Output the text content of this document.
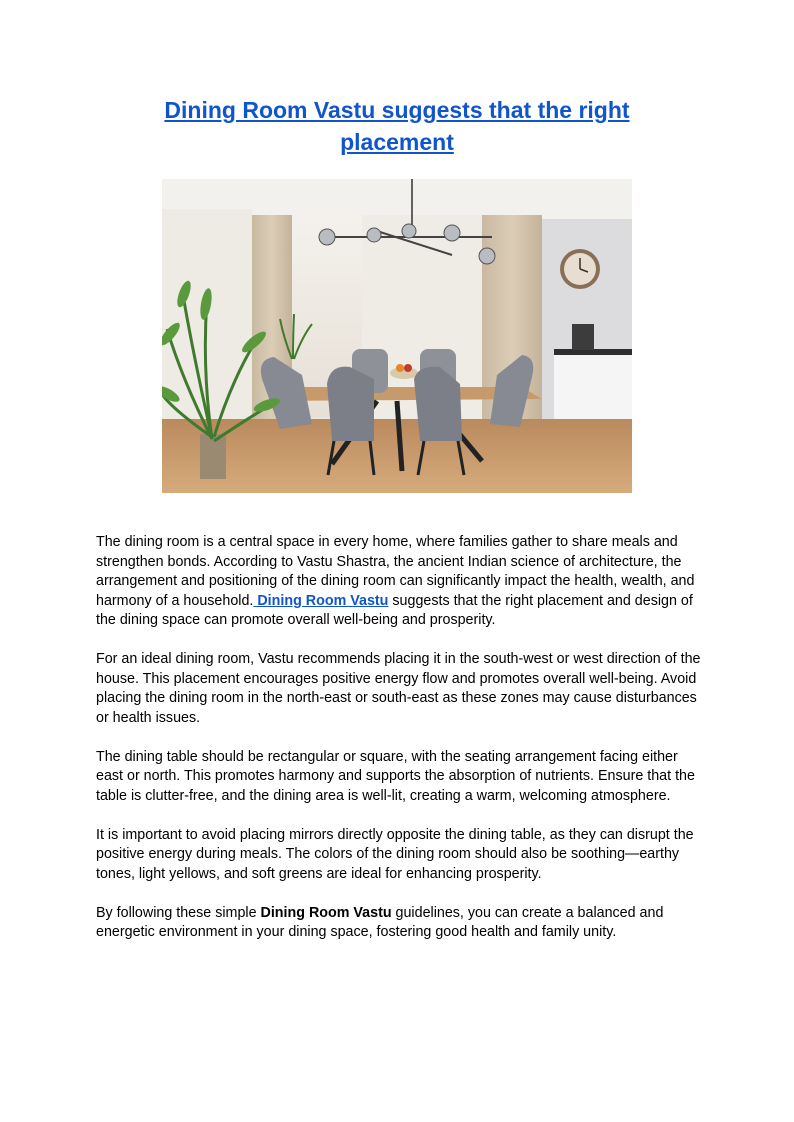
Dining Room Vastu suggests that the right placement

The dining room is a central space in every home, where families gather to share meals and strengthen bonds. According to Vastu Shastra, the ancient Indian science of architecture, the arrangement and positioning of the dining room can significantly impact the health, wealth, and harmony of a household. Dining Room Vastu suggests that the right placement and design of the dining space can promote overall well-being and prosperity.

For an ideal dining room, Vastu recommends placing it in the south-west or west direction of the house. This placement encourages positive energy flow and promotes overall well-being. Avoid placing the dining room in the north-east or south-east as these zones may cause disturbances or health issues.

The dining table should be rectangular or square, with the seating arrangement facing either east or north. This promotes harmony and supports the absorption of nutrients. Ensure that the table is clutter-free, and the dining area is well-lit, creating a warm, welcoming atmosphere.

It is important to avoid placing mirrors directly opposite the dining table, as they can disrupt the positive energy during meals. The colors of the dining room should also be soothing—earthy tones, light yellows, and soft greens are ideal for enhancing prosperity.

By following these simple Dining Room Vastu guidelines, you can create a balanced and energetic environment in your dining space, fostering good health and family unity.
